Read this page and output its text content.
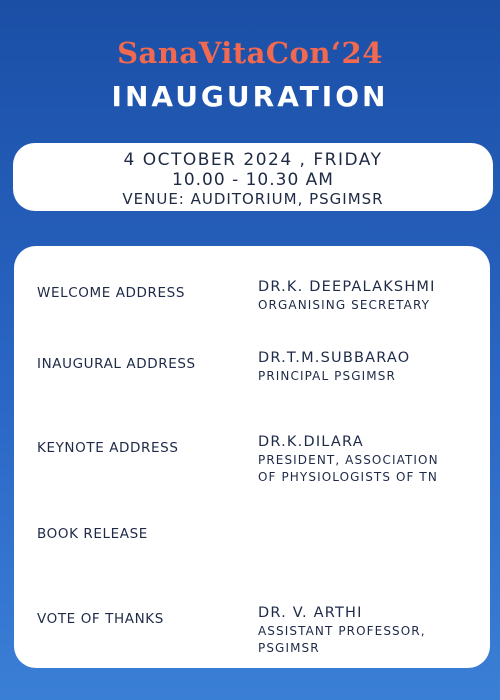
SanaVitaCon‘24
INAUGURATION
4 OCTOBER 2024 , FRIDAY
10.00 - 10.30 AM
VENUE: AUDITORIUM, PSGIMSR
WELCOME ADDRESS	DR.K. DEEPALAKSHMI
ORGANISING SECRETARY
INAUGURAL ADDRESS	DR.T.M.SUBBARAO
PRINCIPAL PSGIMSR
KEYNOTE ADDRESS	DR.K.DILARA
PRESIDENT, ASSOCIATION
OF PHYSIOLOGISTS OF TN
BOOK RELEASE
VOTE OF THANKS	DR. V. ARTHI
ASSISTANT PROFESSOR,
PSGIMSR
